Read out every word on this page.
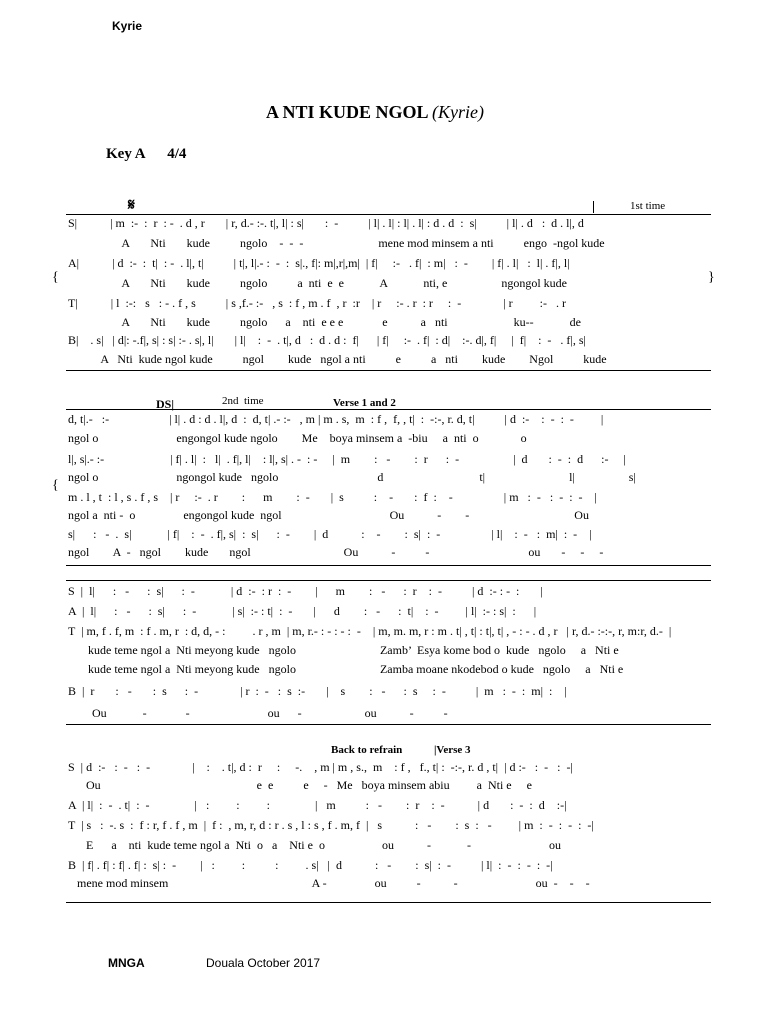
Kyrie
A NTI KUDE NGOL (Kyrie)
Key A      4/4
𝄋	1st time
{	}
S|           | m  :-  :  r  : -  . d , r       | r, d.- :-. t|, l| : s|       :  -          | l| . l| : l| . l| : d . d  :  s|          | l| . d   :  d . l|, d
A       Nti       kude          ngolo    -  -  -                         mene mod minsem a nti          engo  -ngol kude
A|           | d  :-  :  t|  : -  . l|, t|          | t|, l|.- :  -  :  s|., f|: m|,r|,m|  | f|     :-   . f|  : m|   :  -        | f| . l|   :  l| . f|, l|
A       Nti       kude          ngolo          a  nti  e  e            A            nti, e                  ngongol kude
T|           | l  :-:   s   : - . f , s          | s ,f.- :-   , s  : f , m . f  , r  :r    | r     :- . r  : r     :  -              | r         :-   . r
A       Nti       kude          ngolo      a    nti  e e e             e           a   nti                      ku--            de
B|    . s|   | d|: -.f|, s| : s| :- . s|, l|       | l|    :  -  . t|, d   :  d . d :  f|      | f|     :-  . f|  : d|    :-. d|, f|     |  f|    :  -   . f|, s|
A   Nti  kude ngol kude          ngol        kude   ngol a nti          e          a   nti        kude        Ngol          kude
DS|	2nd  time	Verse 1 and 2
{
d, t|.-   :-                    | l| . d : d . l|, d  :  d, t| .- :-   , m | m . s,  m  : f ,  f, , t|  :  -:-, r. d, t|          | d  :-    :  -  :  -         |
ngol o                          engongol kude ngolo        Me    boya minsem a  -biu     a  nti  o              o
l|, s|.- :-                      | f| . l|  :   l|  . f|, l|    : l|, s| . -  : -     |  m        :   -        :  r      :  -                  |  d       :  -  :  d      :-     |
ngol o                          ngongol kude   ngolo                                 d                                t|                            l|                  s|
m . l , t  : l , s . f , s    | r     :-  . r        :      m        :  -       |  s          :    -       :  f  :    -                 | m   :  -   :  -  :  -    |
ngol a  nti -  o                engongol kude  ngol                                    Ou           -        -                                   Ou
s|      :   -  .  s|            | f|    :  -  . f|, s|  :  s|      :  -        |  d           :    -        :  s|  :  -                 | l|    :  -   :  m|  :  -    |
ngol        A  -   ngol        kude       ngol                               Ou           -          -                                 ou       -     -     -
S  |  l|      :   -      :  s|      :  -            | d  :-  : r  :  -        |      m        :   -      :  r    :  -          | d  :- : -  :       |
A  |  l|      :   -      :  s|      :  -            | s|  :- : t|  :  -       |      d        :   -      :  t|    :  -         | l|  :- : s|  :      |
T  | m, f . f, m  : f . m, r  : d, d, - :         . r , m  | m, r.- : - : - :  -    | m, m. m, r : m . t| , t| : t|, t| , - : - . d , r   | r, d.- :-:-, r, m:r, d.-  |
kude teme ngol a  Nti meyong kude   ngolo                            Zamb’  Esya kome bod o  kude   ngolo     a   Nti e
kude teme ngol a  Nti meyong kude   ngolo                            Zamba moane nkodebod o kude   ngolo     a   Nti e
B  |  r       :   -       :  s      :  -              | r  :  -   :  s  :-       |    s        :   -      :  s     :  -          |  m   :  -  :  m|  :    |
Ou            -             -                          ou      -                     ou           -          -
Back to refrain	|Verse 3
S  | d  :-   :  -   :  -              |    :    . t|, d :  r     :     -.    , m | m , s.,  m    : f ,   f., t| :  -:-, r. d , t|  | d :-   :  -   :  -|
Ou                                                    e  e          e     -   Me   boya minsem abiu         a  Nti e     e
A  | l|  :  -  . t|  :  -               |   :         :         :               |   m          :   -        :  r    :  -           | d       :  -  :  d    :-|
T  | s   :  -. s  :  f : r, f . f , m  |  f :  , m, r, d : r . s , l : s , f . m, f  |   s           :   -        :  s  :   -         | m  :  -  :  -  :  -|
E      a    nti  kude teme ngol a  Nti  o   a    Nti e  o                   ou           -            -                          ou
B  | f| . f| : f| . f| :  s| :  -        |   :         :          :         . s|   |  d           :   -        :  s|  :  -          | l|  :  -  :  -  :  -|
mene mod minsem                                                A -                ou          -           -                          ou  -    -    -
MNGA	Douala October 2017
